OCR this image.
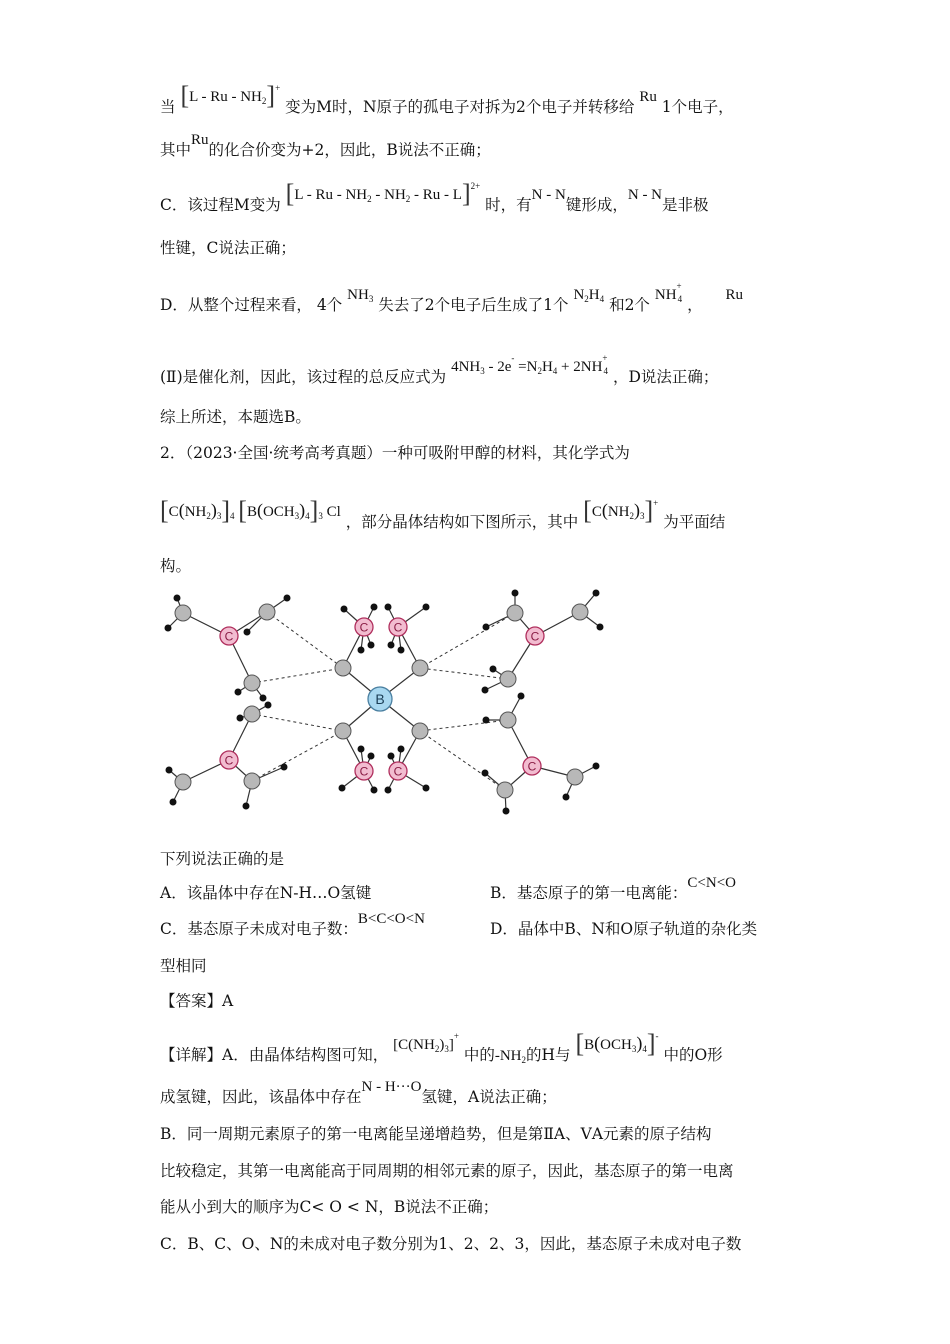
当 [L - Ru - $NH_2]^+$ 变为M时，N原子的孤电子对拆为2个电子并转移给 Ru 1个电子，
其中Ru的化合价变为+2，因此，B说法不正确；
C．该过程M变为 [L - Ru - $NH_2 - NH_2$ - Ru - L]$^{2+}$ 时，有N - N键形成，N - N是非极
性键，C说法正确；
D．从整个过程来看， 4个 $NH_3$ 失去了2个电子后生成了1个 $N_2H_4$ 和2个 $NH^+_4$ ， Ru
(Ⅱ)是催化剂，因此，该过程的总反应式为 $4NH_3 - 2e^- =N_2H_4 + 2NH^+_4$ ，D说法正确；
综上所述，本题选B。
2．（2023·全国·统考高考真题）一种可吸附甲醇的材料，其化学式为
$[C(NH_2)_3]_4$ $[B(OCH_3)_4]_3$ Cl ，部分晶体结构如下图所示，其中 $[C(NH_2)_3]^+$ 为平面结
构。
C
C
C
C
C C
C C
B
下列说法正确的是
A．该晶体中存在N-H…O氢键	B．基态原子的第一电离能：C<N<O
C．基态原子未成对电子数：B<C<O<N
D．晶体中B、N和O原子轨道的杂化类
型相同
【答案】A
【详解】A．由晶体结构图可知， $[C(NH_2)_3]^+$ 中的$-NH_2$的H与 $[B(OCH_3)_4]^-$ 中的O形
成氢键，因此，该晶体中存在N - H···O氢键，A说法正确；
B．同一周期元素原子的第一电离能呈递增趋势，但是第ⅡA、ⅤA元素的原子结构
比较稳定，其第一电离能高于同周期的相邻元素的原子，因此，基态原子的第一电离
能从小到大的顺序为C< O < N，B说法不正确；
C．B、C、O、N的未成对电子数分别为1、2、2、3，因此，基态原子未成对电子数
